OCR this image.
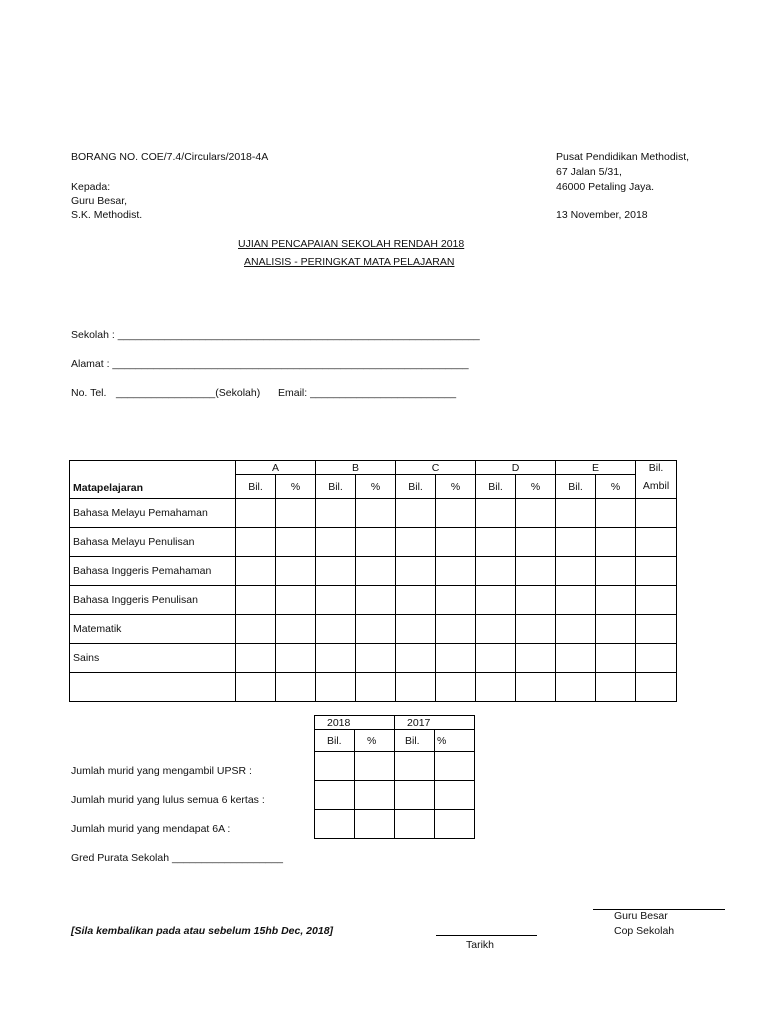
BORANG NO. COE/7.4/Circulars/2018-4A
Kepada:
Guru Besar,
S.K. Methodist.
Pusat Pendidikan Methodist,
67 Jalan 5/31,
46000 Petaling Jaya.
13 November, 2018
UJIAN PENCAPAIAN SEKOLAH RENDAH 2018
ANALISIS - PERINGKAT MATA PELAJARAN
Sekolah : ______________________________________________________________
Alamat : _____________________________________________________________
No. Tel. _________________(Sekolah) Email: _________________________
Matapelajaran	A		B		C		D		E		Bil.
	Bil.	%	Bil.	%	Bil.	%	Bil.	%	Bil.	%	Ambil
Bahasa Melayu Pemahaman											
Bahasa Melayu Penulisan											
Bahasa Inggeris Pemahaman											
Bahasa Inggeris Penulisan											
Matematik											
Sains											

2018		2017	
Bil.	%	Bil.	%

Jumlah murid yang mengambil UPSR :
Jumlah murid yang lulus semua 6 kertas :
Jumlah murid yang mendapat 6A :
Gred Purata Sekolah ___________________
Guru Besar
[Sila kembalikan pada atau sebelum 15hb Dec, 2018]	Cop Sekolah
Tarikh
